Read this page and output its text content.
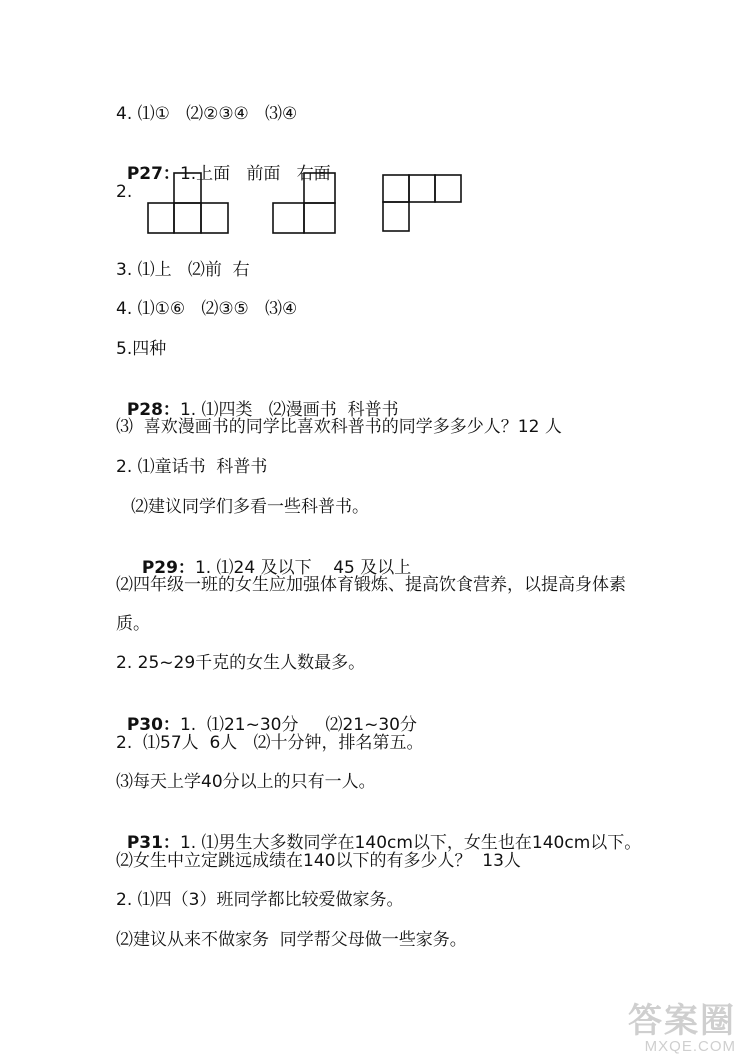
4. ⑴①   ⑵②③④   ⑶④

P27：1.上面   前面   右面

2.
3. ⑴上   ⑵前  右
4. ⑴①⑥   ⑵③⑤   ⑶④
5.四种

P28：1. ⑴四类   ⑵漫画书  科普书

⑶  喜欢漫画书的同学比喜欢科普书的同学多多少人？12 人
2. ⑴童话书  科普书
⑵建议同学们多看一些科普书。

P29：1. ⑴24 及以下    45 及以上

⑵四年级一班的女生应加强体育锻炼、提高饮食营养，以提高身体素
质。
2. 25~29千克的女生人数最多。

P30：1.  ⑴21~30分     ⑵21~30分

2.  ⑴57人  6人   ⑵十分钟，排名第五。
⑶每天上学40分以上的只有一人。

P31：1. ⑴男生大多数同学在140cm以下，女生也在140cm以下。

⑵女生中立定跳远成绩在140以下的有多少人？  13人
2. ⑴四（3）班同学都比较爱做家务。
⑵建议从来不做家务  同学帮父母做一些家务。
答案圈
MXQE.COM
